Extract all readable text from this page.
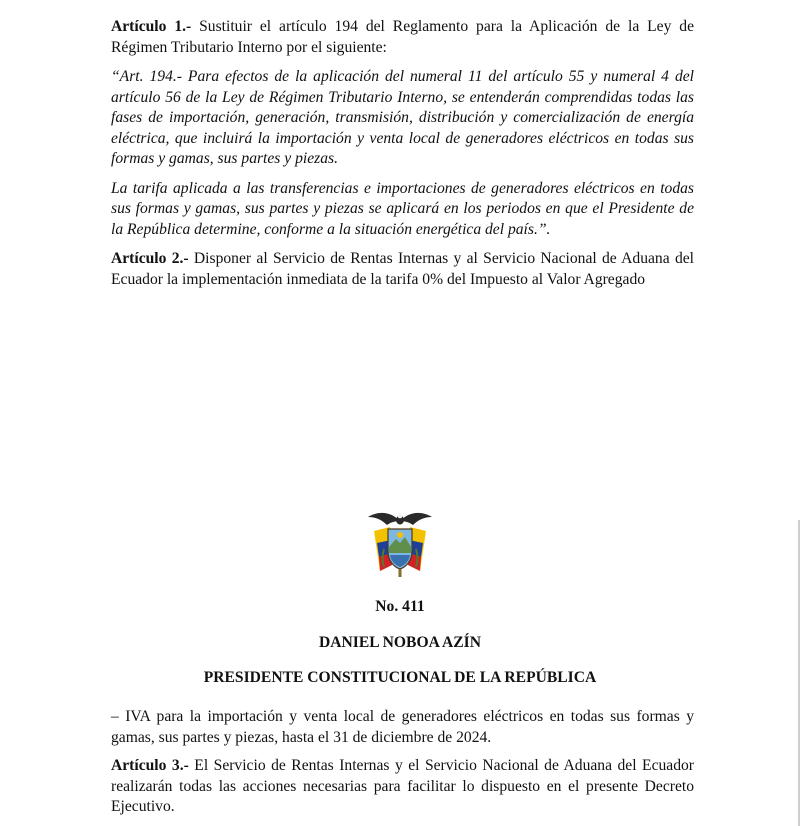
Artículo 1.- Sustituir el artículo 194 del Reglamento para la Aplicación de la Ley de Régimen Tributario Interno por el siguiente:

“Art. 194.- Para efectos de la aplicación del numeral 11 del artículo 55 y numeral 4 del artículo 56 de la Ley de Régimen Tributario Interno, se entenderán comprendidas todas las fases de importación, generación, transmisión, distribución y comercialización de energía eléctrica, que incluirá la importación y venta local de generadores eléctricos en todas sus formas y gamas, sus partes y piezas.

La tarifa aplicada a las transferencias e importaciones de generadores eléctricos en todas sus formas y gamas, sus partes y piezas se aplicará en los periodos en que el Presidente de la República determine, conforme a la situación energética del país.”.

Artículo 2.- Disponer al Servicio de Rentas Internas y al Servicio Nacional de Aduana del Ecuador la implementación inmediata de la tarifa 0% del Impuesto al Valor Agregado

No. 411
DANIEL NOBOA AZÍN
PRESIDENTE CONSTITUCIONAL DE LA REPÚBLICA

– IVA para la importación y venta local de generadores eléctricos en todas sus formas y gamas, sus partes y piezas, hasta el 31 de diciembre de 2024.

Artículo 3.- El Servicio de Rentas Internas y el Servicio Nacional de Aduana del Ecuador realizarán todas las acciones necesarias para facilitar lo dispuesto en el presente Decreto Ejecutivo.
